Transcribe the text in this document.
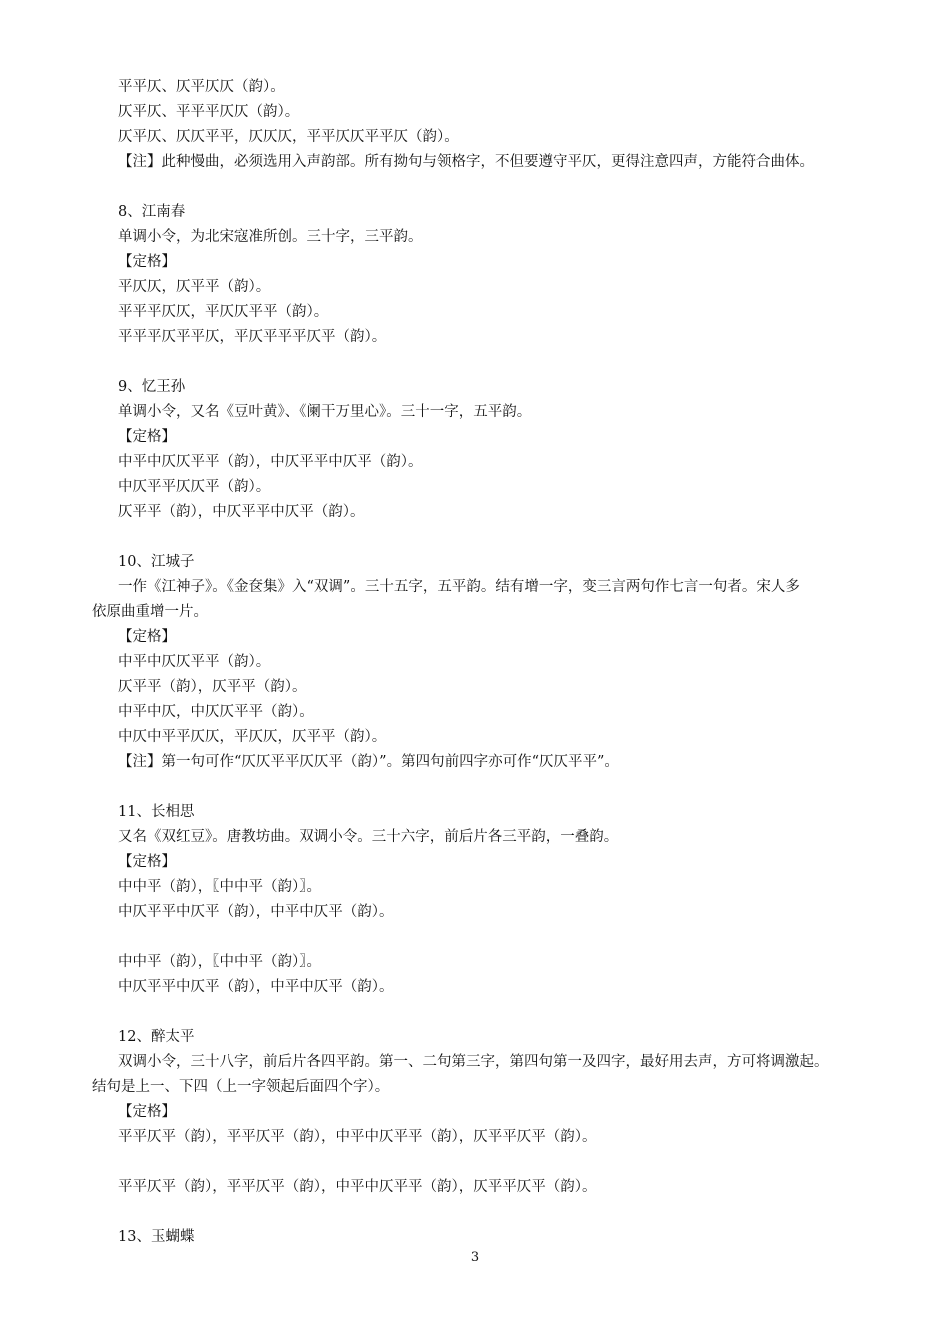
平平仄、仄平仄仄（韵）。
仄平仄、平平平仄仄（韵）。
仄平仄、仄仄平平，仄仄仄，平平仄仄平平仄（韵）。
【注】此种慢曲，必须选用入声韵部。所有拗句与领格字，不但要遵守平仄，更得注意四声，方能符合曲体。
8、江南春
单调小令，为北宋寇准所创。三十字，三平韵。
【定格】
平仄仄，仄平平（韵）。
平平平仄仄，平仄仄平平（韵）。
平平平仄平平仄，平仄平平平仄平（韵）。
9、忆王孙
单调小令，又名《豆叶黄》、《阑干万里心》。三十一字，五平韵。
【定格】
中平中仄仄平平（韵），中仄平平中仄平（韵）。
中仄平平仄仄平（韵）。
仄平平（韵），中仄平平中仄平（韵）。
10、江城子
一作《江神子》。《金奁集》入“双调”。三十五字，五平韵。结有增一字，变三言两句作七言一句者。宋人多
依原曲重增一片。
【定格】
中平中仄仄平平（韵）。
仄平平（韵），仄平平（韵）。
中平中仄，中仄仄平平（韵）。
中仄中平平仄仄，平仄仄，仄平平（韵）。
【注】第一句可作“仄仄平平仄仄平（韵）”。第四句前四字亦可作“仄仄平平”。
11、长相思
又名《双红豆》。唐教坊曲。双调小令。三十六字，前后片各三平韵，一叠韵。
【定格】
中中平（韵），〖中中平（韵）〗。
中仄平平中仄平（韵），中平中仄平（韵）。
中中平（韵），〖中中平（韵）〗。
中仄平平中仄平（韵），中平中仄平（韵）。
12、醉太平
双调小令，三十八字，前后片各四平韵。第一、二句第三字，第四句第一及四字，最好用去声，方可将调激起。
结句是上一、下四（上一字领起后面四个字）。
【定格】
平平仄平（韵），平平仄平（韵），中平中仄平平（韵），仄平平仄平（韵）。
平平仄平（韵），平平仄平（韵），中平中仄平平（韵），仄平平仄平（韵）。
13、玉蝴蝶
3
